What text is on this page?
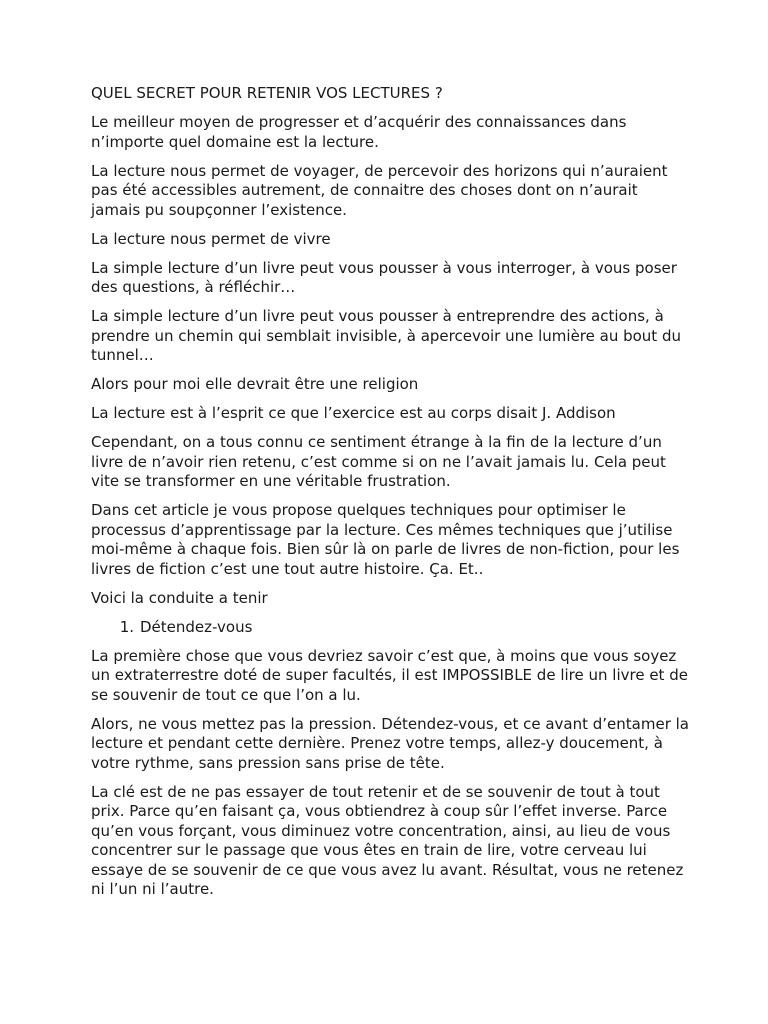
QUEL SECRET POUR RETENIR VOS LECTURES ?

Le meilleur moyen de progresser et d’acquérir des connaissances dans n’importe quel domaine est la lecture.

La lecture nous permet de voyager, de percevoir des horizons qui n’auraient pas été accessibles autrement, de connaitre des choses dont on n’aurait jamais pu soupçonner l’existence.

La lecture nous permet de vivre

La simple lecture d’un livre peut vous pousser à vous interroger, à vous poser des questions, à réfléchir…

La simple lecture d’un livre peut vous pousser à entreprendre des actions, à prendre un chemin qui semblait invisible, à apercevoir une lumière au bout du tunnel…

Alors pour moi elle devrait être une religion

La lecture est à l’esprit ce que l’exercice est au corps disait J. Addison

Cependant, on a tous connu ce sentiment étrange à la fin de la lecture d’un livre de n’avoir rien retenu, c’est comme si on ne l’avait jamais lu. Cela peut vite se transformer en une véritable frustration.

Dans cet article je vous propose quelques techniques pour optimiser le processus d’apprentissage par la lecture. Ces mêmes techniques que j’utilise moi-même à chaque fois. Bien sûr là on parle de livres de non-fiction, pour les livres de fiction c’est une tout autre histoire. Ça. Et..

Voici la conduite a tenir

1. Détendez-vous

La première chose que vous devriez savoir c’est que, à moins que vous soyez un extraterrestre doté de super facultés, il est IMPOSSIBLE de lire un livre et de se souvenir de tout ce que l’on a lu.

Alors, ne vous mettez pas la pression. Détendez-vous, et ce avant d’entamer la lecture et pendant cette dernière. Prenez votre temps, allez-y doucement, à votre rythme, sans pression sans prise de tête.

La clé est de ne pas essayer de tout retenir et de se souvenir de tout à tout prix. Parce qu’en faisant ça, vous obtiendrez à coup sûr l’effet inverse. Parce qu’en vous forçant, vous diminuez votre concentration, ainsi, au lieu de vous concentrer sur le passage que vous êtes en train de lire, votre cerveau lui essaye de se souvenir de ce que vous avez lu avant. Résultat, vous ne retenez ni l’un ni l’autre.
